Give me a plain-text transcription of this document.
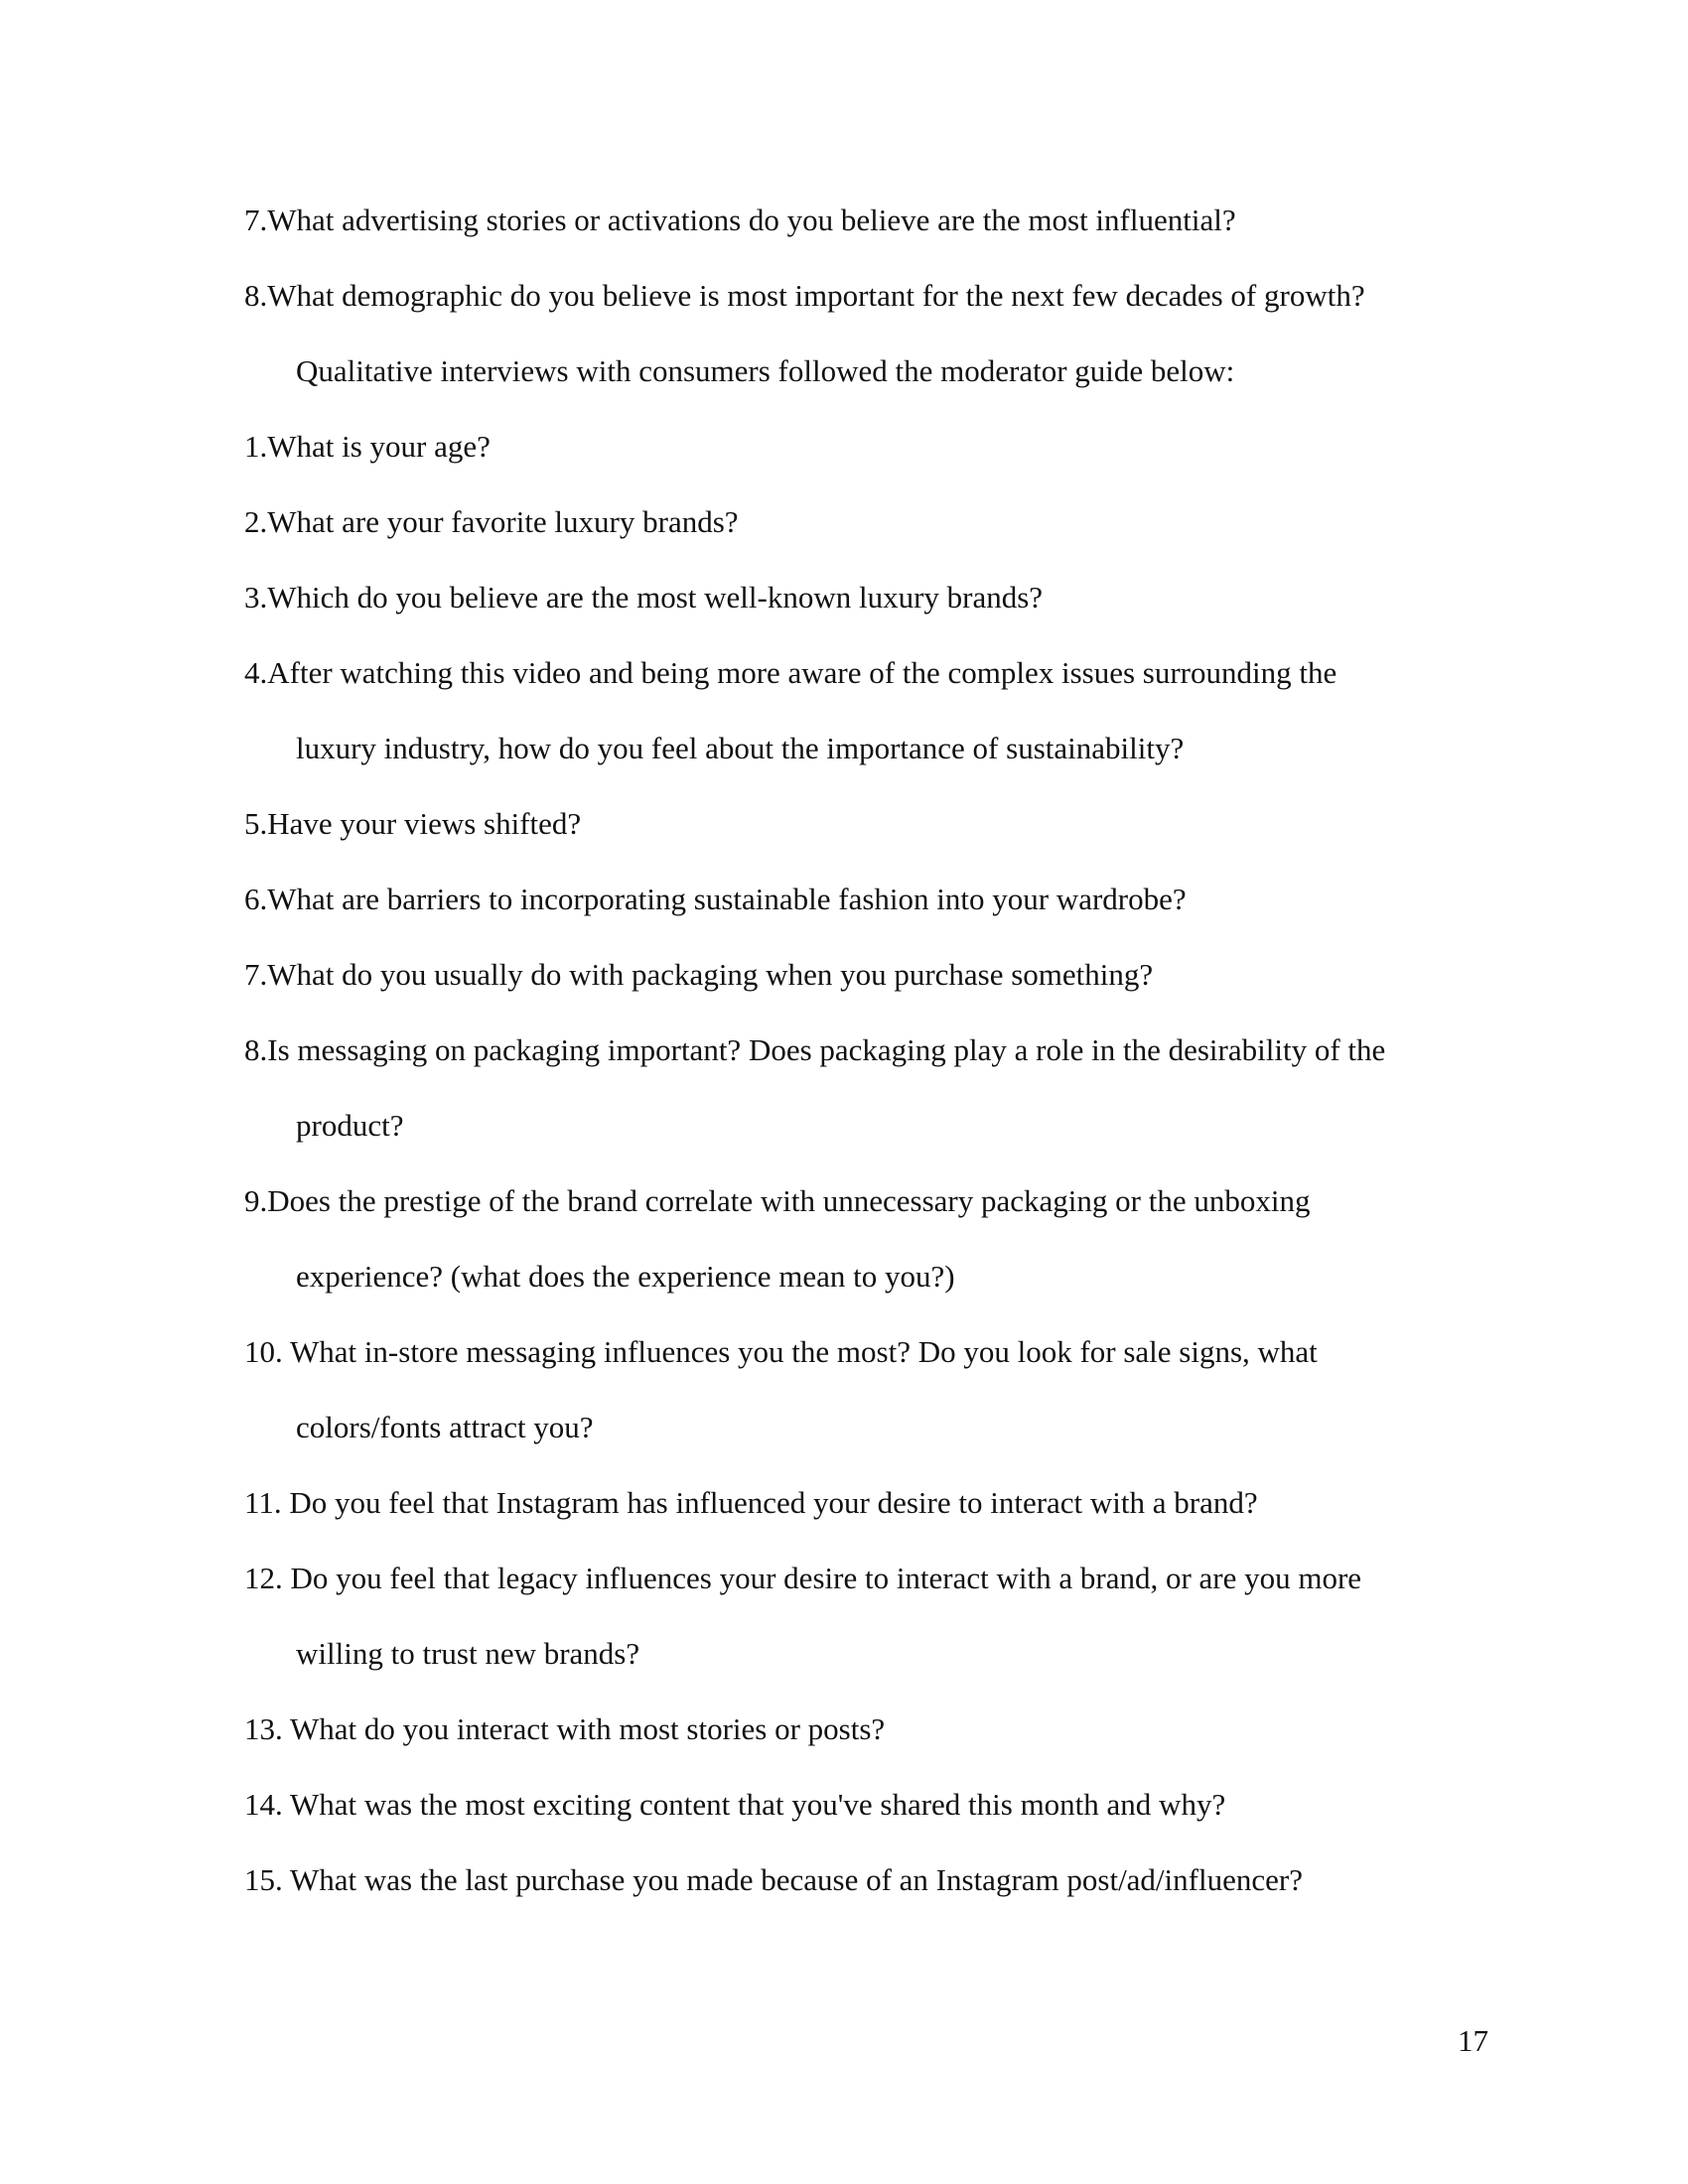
7.What advertising stories or activations do you believe are the most influential?
8.What demographic do you believe is most important for the next few decades of growth?
Qualitative interviews with consumers followed the moderator guide below:
1.What is your age?
2.What are your favorite luxury brands?
3.Which do you believe are the most well-known luxury brands?
4.After watching this video and being more aware of the complex issues surrounding the
luxury industry, how do you feel about the importance of sustainability?
5.Have your views shifted?
6.What are barriers to incorporating sustainable fashion into your wardrobe?
7.What do you usually do with packaging when you purchase something?
8.Is messaging on packaging important? Does packaging play a role in the desirability of the
product?
9.Does the prestige of the brand correlate with unnecessary packaging or the unboxing
experience? (what does the experience mean to you?)
10. What in-store messaging influences you the most? Do you look for sale signs, what
colors/fonts attract you?
11. Do you feel that Instagram has influenced your desire to interact with a brand?
12. Do you feel that legacy influences your desire to interact with a brand, or are you more
willing to trust new brands?
13. What do you interact with most stories or posts?
14. What was the most exciting content that you've shared this month and why?
15. What was the last purchase you made because of an Instagram post/ad/influencer?
17
